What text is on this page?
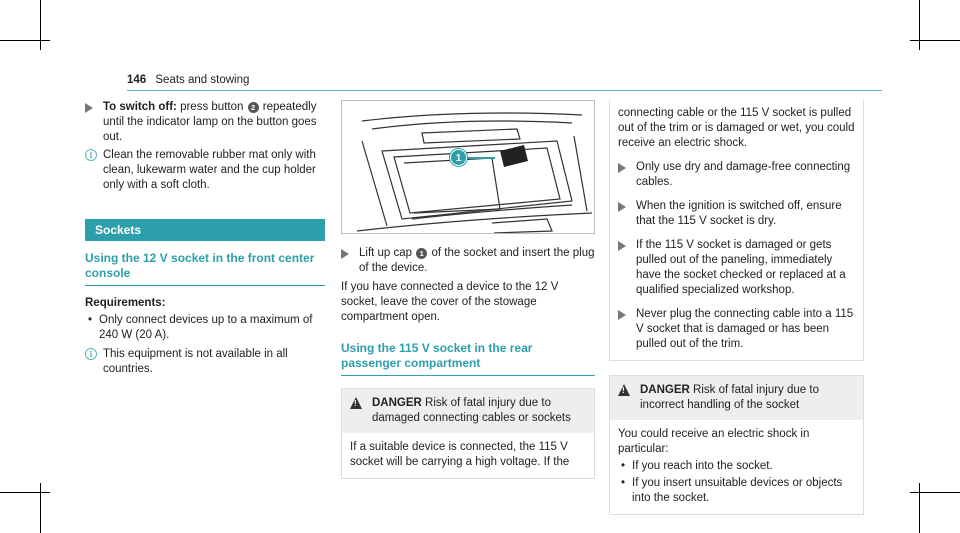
146 Seats and stowing
To switch off: press button 2 repeatedly until the indicator lamp on the button goes out.
i Clean the removable rubber mat only with clean, lukewarm water and the cup holder only with a soft cloth.
Sockets
Using the 12 V socket in the front center console
Requirements:
• Only connect devices up to a maximum of 240 W (20 A).
i This equipment is not available in all countries.
1
Lift up cap 1 of the socket and insert the plug of the device.
If you have connected a device to the 12 V socket, leave the cover of the stowage compartment open.
Using the 115 V socket in the rear passenger compartment
! DANGER Risk of fatal injury due to damaged connecting cables or sockets
If a suitable device is connected, the 115 V socket will be carrying a high voltage. If the
connecting cable or the 115 V socket is pulled out of the trim or is damaged or wet, you could receive an electric shock.
Only use dry and damage-free connecting cables.
When the ignition is switched off, ensure that the 115 V socket is dry.
If the 115 V socket is damaged or gets pulled out of the paneling, immediately have the socket checked or replaced at a qualified specialized workshop.
Never plug the connecting cable into a 115 V socket that is damaged or has been pulled out of the trim.
! DANGER Risk of fatal injury due to incorrect handling of the socket
You could receive an electric shock in particular:
• If you reach into the socket.
• If you insert unsuitable devices or objects into the socket.
